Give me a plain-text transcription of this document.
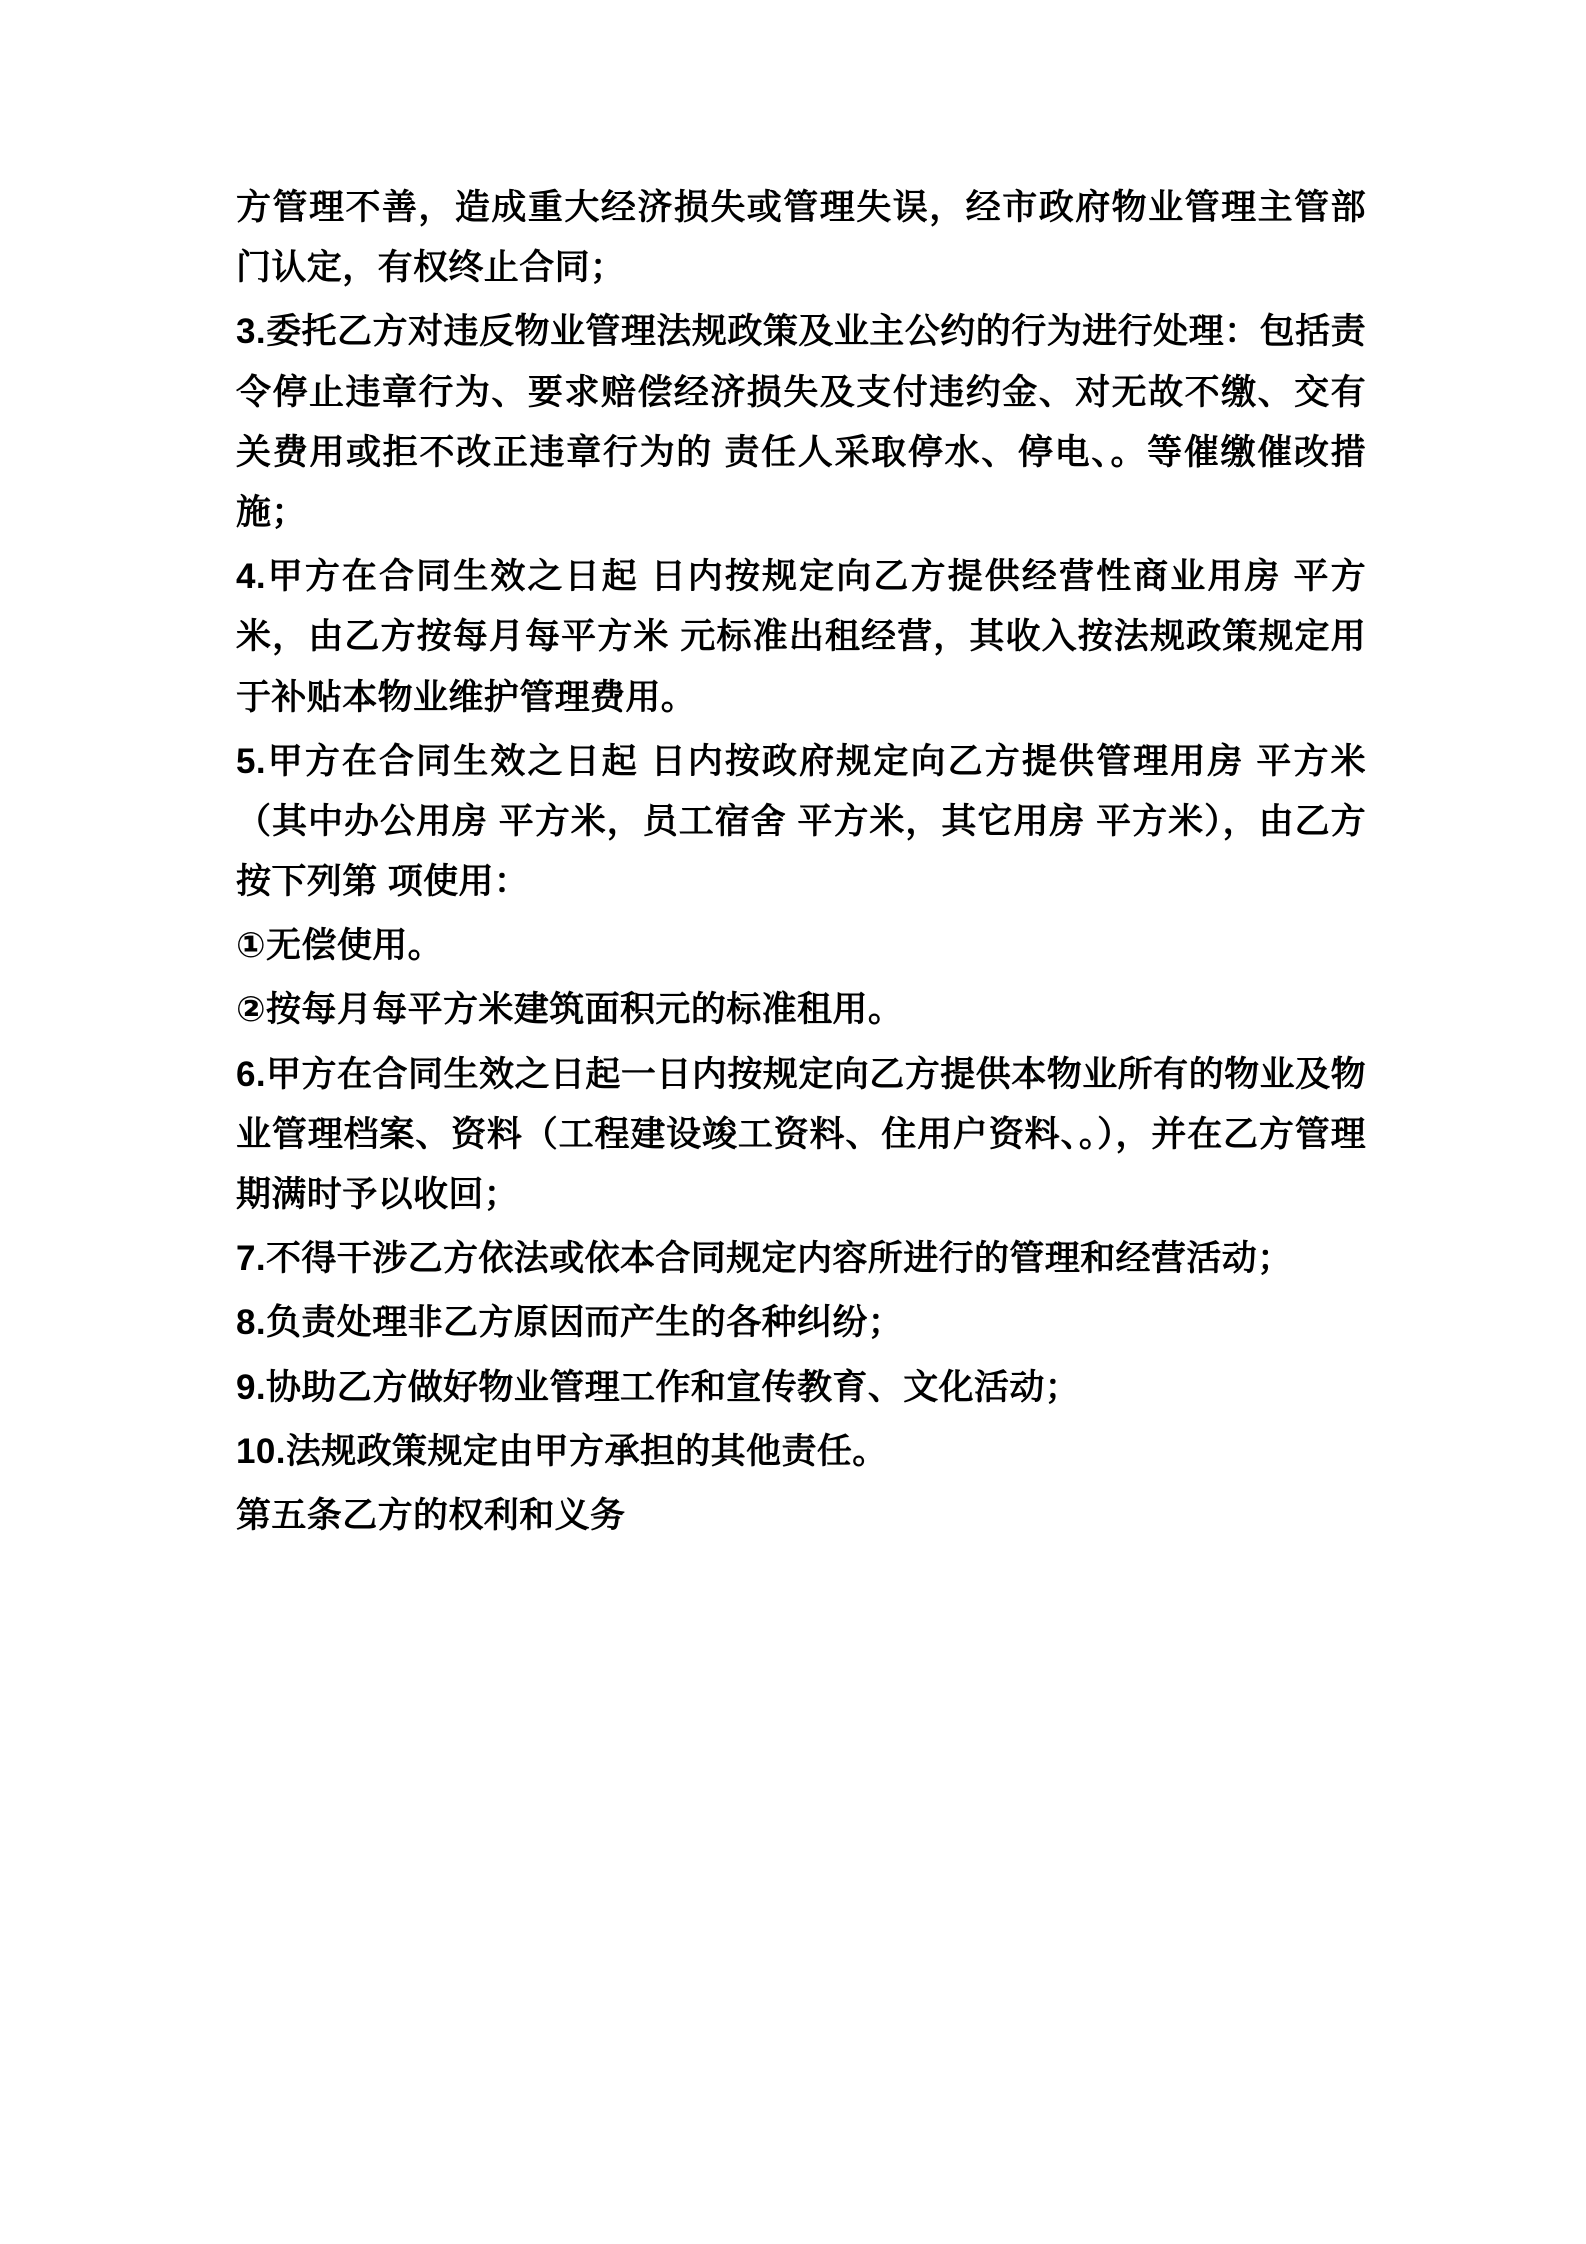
方管理不善，造成重大经济损失或管理失误，经市政府物业管理主管部门认定，有权终止合同；

3.委托乙方对违反物业管理法规政策及业主公约的行为进行处理：包括责令停止违章行为、要求赔偿经济损失及支付违约金、对无故不缴、交有关费用或拒不改正违章行为的 责任人采取停水、停电、。等催缴催改措施；

4.甲方在合同生效之日起 日内按规定向乙方提供经营性商业用房 平方米，由乙方按每月每平方米 元标准出租经营，其收入按法规政策规定用于补贴本物业维护管理费用。

5.甲方在合同生效之日起 日内按政府规定向乙方提供管理用房 平方米（其中办公用房 平方米，员工宿舍 平方米，其它用房 平方米），由乙方按下列第 项使用：

①无偿使用。

②按每月每平方米建筑面积元的标准租用。

6.甲方在合同生效之日起一日内按规定向乙方提供本物业所有的物业及物业管理档案、资料（工程建设竣工资料、住用户资料、。），并在乙方管理期满时予以收回；

7.不得干涉乙方依法或依本合同规定内容所进行的管理和经营活动；

8.负责处理非乙方原因而产生的各种纠纷；

9.协助乙方做好物业管理工作和宣传教育、文化活动；

10.法规政策规定由甲方承担的其他责任。

第五条乙方的权利和义务
